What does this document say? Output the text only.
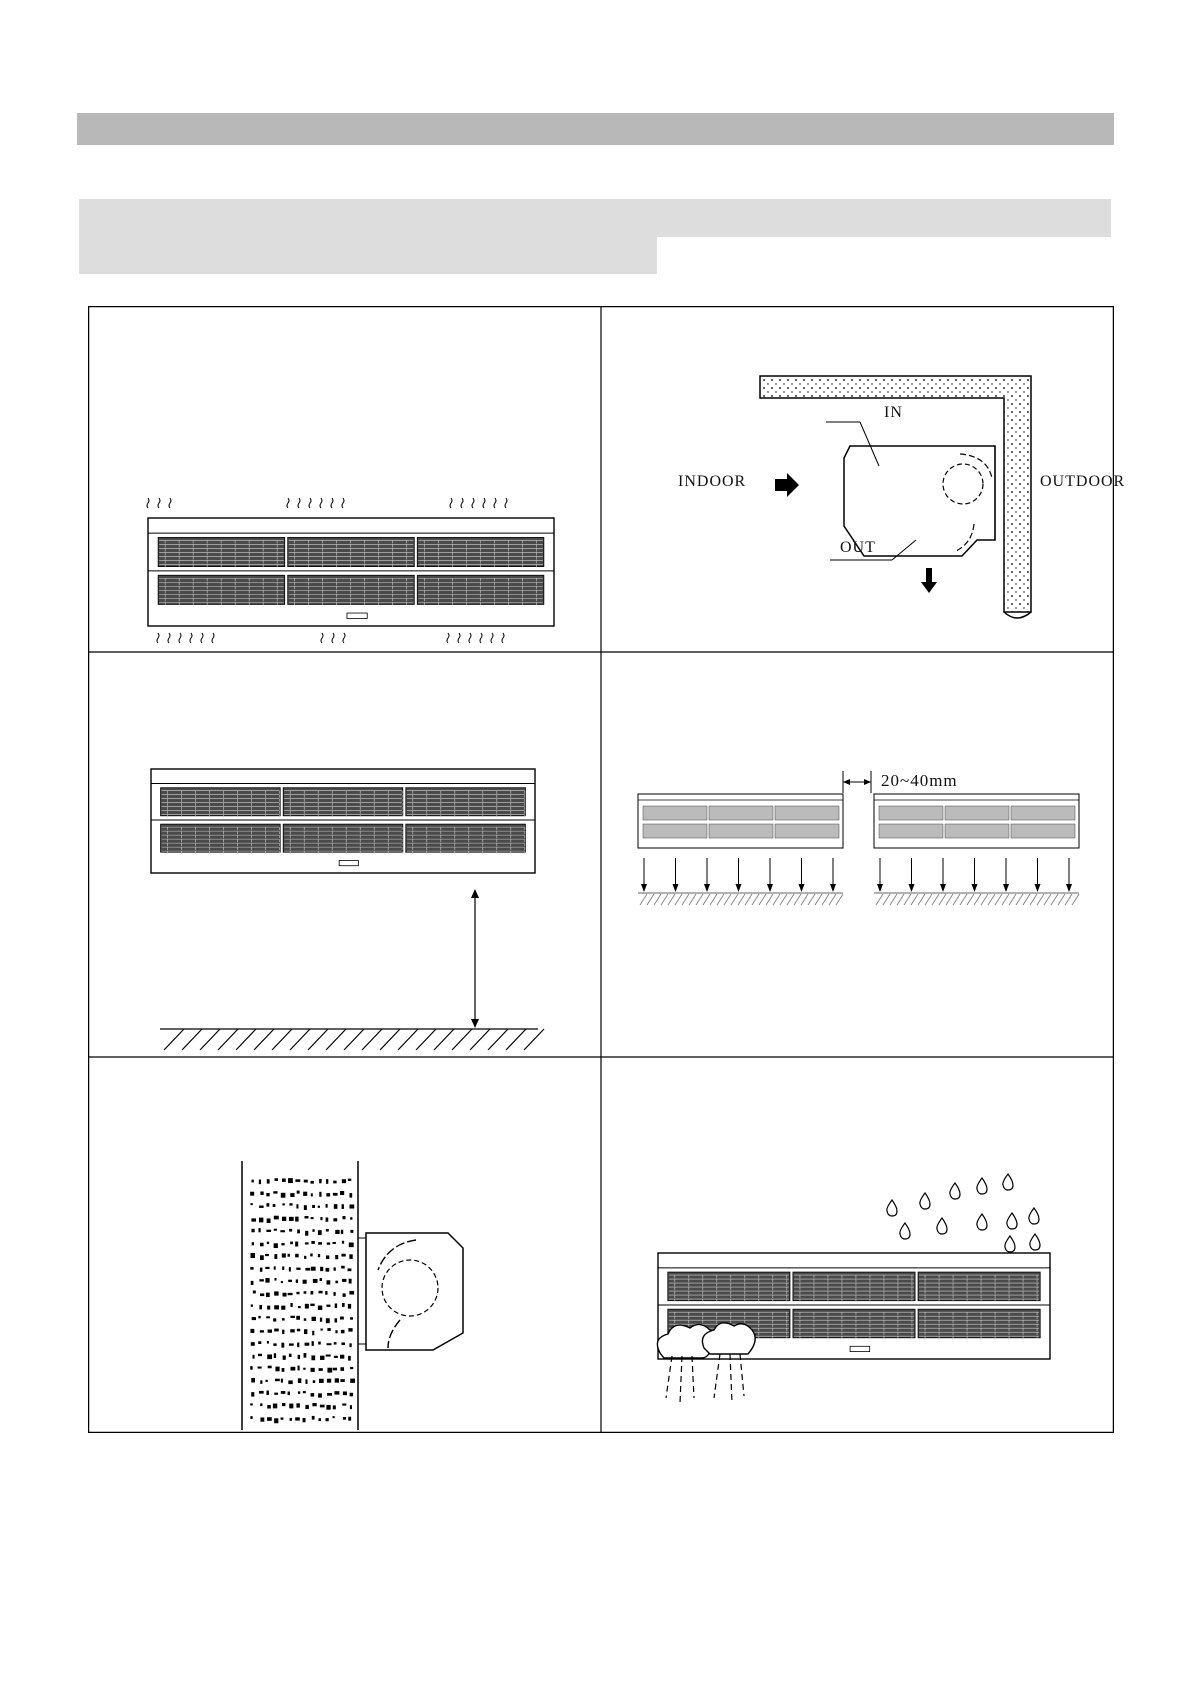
IN
INDOOR	OUTDOOR
OUT
20~40mm
